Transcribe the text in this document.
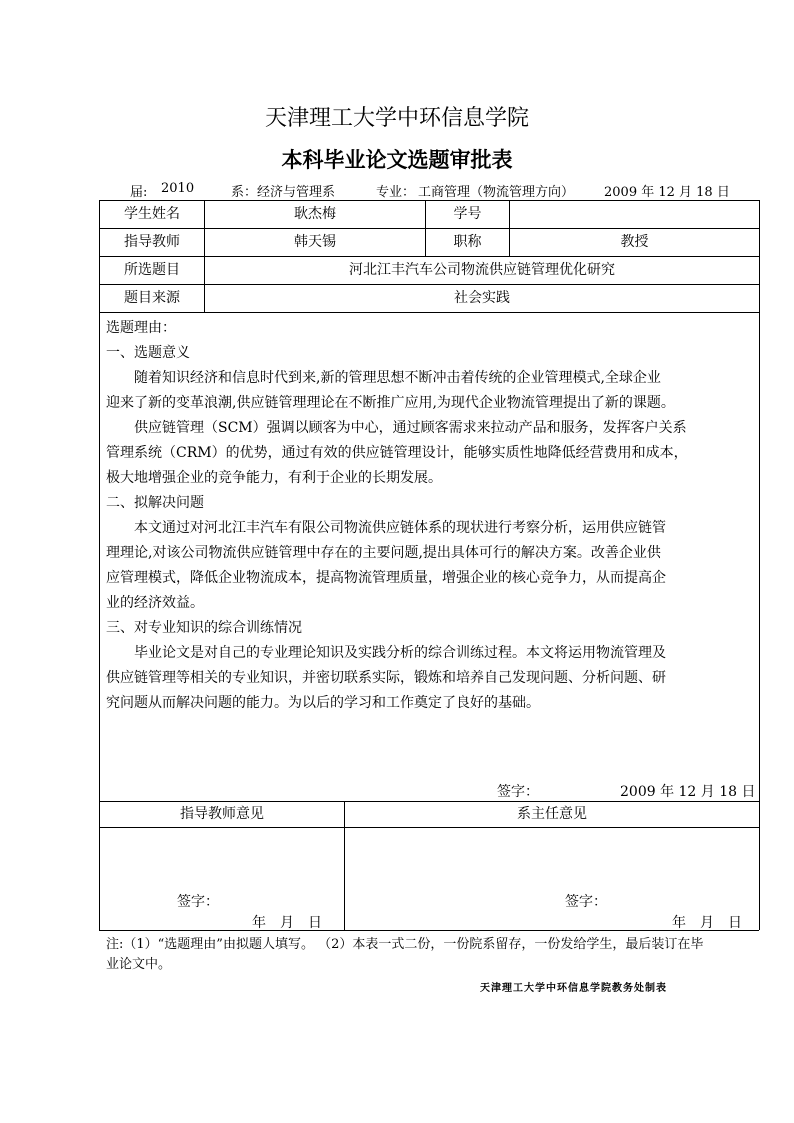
天津理工大学中环信息学院
本科毕业论文选题审批表
届: 2010	系： 经济与管理系	专业： 工商管理（物流管理方向） 2009 年 12 月 18 日
学生姓名	耿杰梅	学号
指导教师	韩天锡	职称	教授
所选题目	河北江丰汽车公司物流供应链管理优化研究
题目来源	社会实践

选题理由：

一、选题意义

随着知识经济和信息时代到来,新的管理思想不断冲击着传统的企业管理模式,全球企业

迎来了新的变革浪潮,供应链管理理论在不断推广应用,为现代企业物流管理提出了新的课题。

供应链管理（SCM）强调以顾客为中心，通过顾客需求来拉动产品和服务，发挥客户关系

管理系统（CRM）的优势，通过有效的供应链管理设计，能够实质性地降低经营费用和成本，

极大地增强企业的竞争能力，有利于企业的长期发展。

二、拟解决问题

本文通过对河北江丰汽车有限公司物流供应链体系的现状进行考察分析，运用供应链管

理理论,对该公司物流供应链管理中存在的主要问题,提出具体可行的解决方案。改善企业供

应管理模式，降低企业物流成本，提高物流管理质量，增强企业的核心竞争力，从而提高企

业的经济效益。

三、对专业知识的综合训练情况

毕业论文是对自己的专业理论知识及实践分析的综合训练过程。本文将运用物流管理及

供应链管理等相关的专业知识，并密切联系实际，锻炼和培养自己发现问题、分析问题、研

究问题从而解决问题的能力。为以后的学习和工作奠定了良好的基础。

签字：	2009 年 12 月 18 日
指导教师意见	系主任意见
签字：
年　月　日
签字：
年　月　日

注:（1）“选题理由”由拟题人填写。 （2）本表一式二份，一份院系留存，一份发给学生，最后装订在毕

业论文中。

天津理工大学中环信息学院教务处制表
